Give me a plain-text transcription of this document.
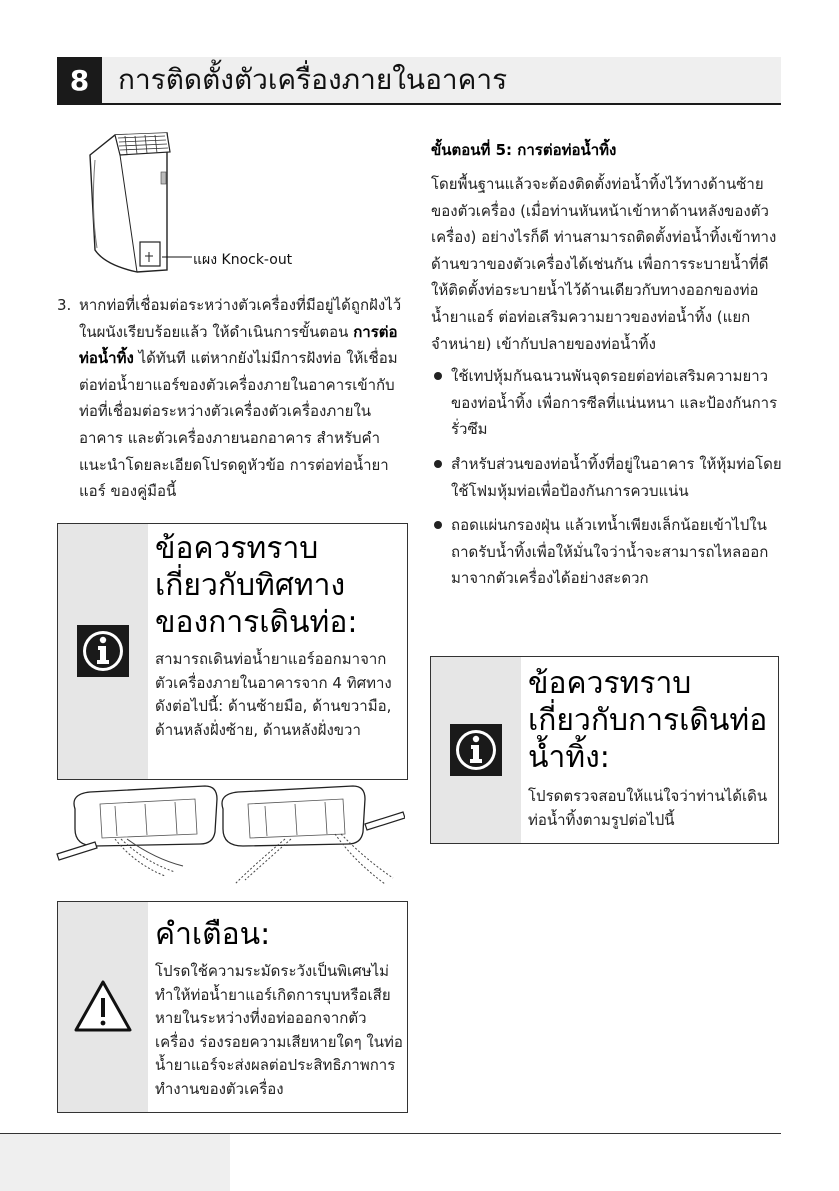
8	การติดตั้งตัวเครื่องภายในอาคาร
แผง Knock-out
3. หากท่อที่เชื่อมต่อระหว่างตัวเครื่องที่มีอยู่ได้ถูกฝังไว้ในผนังเรียบร้อยแล้ว ให้ดำเนินการขั้นตอน การต่อท่อน้ำทิ้ง ได้ทันที แต่หากยังไม่มีการฝังท่อ ให้เชื่อมต่อท่อน้ำยาแอร์ของตัวเครื่องภายในอาคารเข้ากับท่อที่เชื่อมต่อระหว่างตัวเครื่องตัวเครื่องภายในอาคาร และตัวเครื่องภายนอกอาคาร สำหรับคำแนะนำโดยละเอียดโปรดดูหัวข้อ การต่อท่อน้ำยาแอร์ ของคู่มือนี้
ข้อควรทราบ
เกี่ยวกับทิศทาง
ของการเดินท่อ:
สามารถเดินท่อน้ำยาแอร์ออกมาจากตัวเครื่องภายในอาคารจาก 4 ทิศทางดังต่อไปนี้: ด้านซ้ายมือ, ด้านขวามือ, ด้านหลังฝั่งซ้าย, ด้านหลังฝั่งขวา
คำเตือน:
โปรดใช้ความระมัดระวังเป็นพิเศษไม่ทำให้ท่อน้ำยาแอร์เกิดการบุบหรือเสียหายในระหว่างที่งอท่อออกจากตัวเครื่อง ร่องรอยความเสียหายใดๆ ในท่อน้ำยาแอร์จะส่งผลต่อประสิทธิภาพการทำงานของตัวเครื่อง
ขั้นตอนที่ 5: การต่อท่อน้ำทิ้ง
โดยพื้นฐานแล้วจะต้องติดตั้งท่อน้ำทิ้งไว้ทางด้านซ้ายของตัวเครื่อง (เมื่อท่านหันหน้าเข้าหาด้านหลังของตัวเครื่อง) อย่างไรก็ดี ท่านสามารถติดตั้งท่อน้ำทิ้งเข้าทางด้านขวาของตัวเครื่องได้เช่นกัน เพื่อการระบายน้ำที่ดี ให้ติดตั้งท่อระบายน้ำไว้ด้านเดียวกับทางออกของท่อน้ำยาแอร์ ต่อท่อเสริมความยาวของท่อน้ำทิ้ง (แยกจำหน่าย) เข้ากับปลายของท่อน้ำทิ้ง
ใช้เทปหุ้มกันฉนวนพันจุดรอยต่อท่อเสริมความยาวของท่อน้ำทิ้ง เพื่อการซีลที่แน่นหนา และป้องกันการรั่วซึม
สำหรับส่วนของท่อน้ำทิ้งที่อยู่ในอาคาร ให้หุ้มท่อโดยใช้โฟมหุ้มท่อเพื่อป้องกันการควบแน่น
ถอดแผ่นกรองฝุ่น แล้วเทน้ำเพียงเล็กน้อยเข้าไปในถาดรับน้ำทิ้งเพื่อให้มั่นใจว่าน้ำจะสามารถไหลออกมาจากตัวเครื่องได้อย่างสะดวก
ข้อควรทราบ
เกี่ยวกับการเดินท่อ
น้ำทิ้ง:
โปรดตรวจสอบให้แน่ใจว่าท่านได้เดินท่อน้ำทิ้งตามรูปต่อไปนี้
